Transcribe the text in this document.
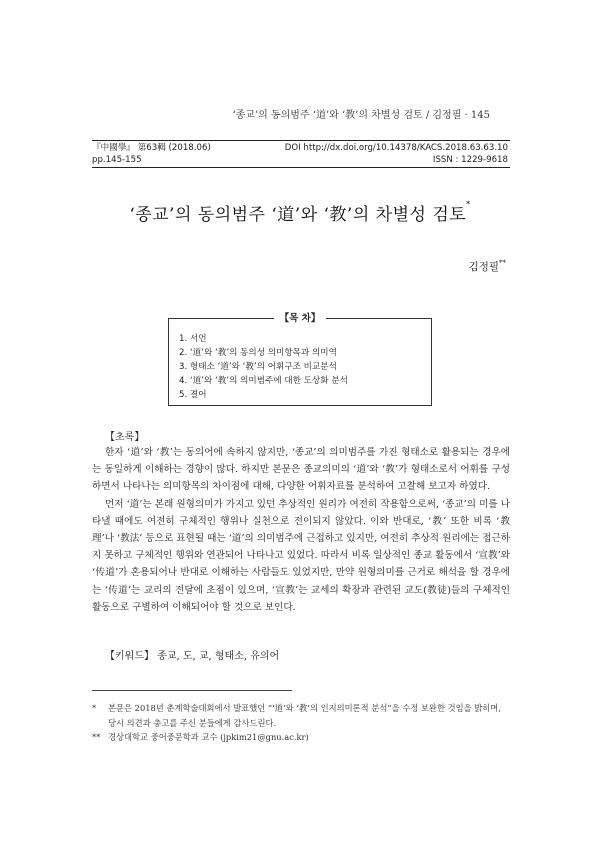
‘종교’의 동의범주 ‘道’와 ‘教’의 차별성 검토 / 김정필 · 145
『中國學』 第63輯 (2018.06)	DOI http://dx.doi.org/10.14378/KACS.2018.63.63.10
pp.145-155	ISSN : 1229-9618
‘종교’의 동의범주 ‘道’와 ‘教’의 차별성 검토*
김정필**
【목 차】
1. 서언
2. ‘道’와 ‘教’의 동의성 의미항목과 의미역
3. 형태소 ‘道’와 ‘教’의 어휘구조 비교분석
4. ‘道’와 ‘教’의 의미범주에 대한 도상화 분석
5. 결어
【초록】

한자 ‘道’와 ‘教’는 동의어에 속하지 않지만, ‘종교’의 의미범주를 가진 형태소로 활용되는 경우에는 동일하게 이해하는 경향이 많다. 하지만 본문은 종교의미의 ‘道’와 ‘教’가 형태소로서 어휘를 구성하면서 나타나는 의미항목의 차이점에 대해, 다양한 어휘자료를 분석하여 고찰해 보고자 하였다.

먼저 ‘道’는 본래 원형의미가 가지고 있던 추상적인 원리가 여전히 작용함으로써, ‘종교’의 미를 나타낼 때에도 여전히 구체적인 행위나 실천으로 전이되지 않았다. 이와 반대로, ‘教’ 또한 비록 ‘教理’나 ‘教法’ 등으로 표현될 때는 ‘道’의 의미범주에 근접하고 있지만, 여전히 추상적 원리에는 접근하지 못하고 구체적인 행위와 연관되어 나타나고 있었다. 따라서 비록 일상적인 종교 활동에서 ‘宣教’와 ‘传道’가 혼용되어나 반대로 이해하는 사람들도 있었지만, 만약 원형의미를 근거로 해석을 할 경우에는 ‘传道’는 교리의 전달에 초점이 있으며, ‘宣教’는 교세의 확장과 관련된 교도(教徒)들의 구체적인 활동으로 구별하여 이해되어야 할 것으로 보인다.

【키워드】 종교, 도, 교, 형태소, 유의어
* 본문은 2018년 춘계학술대회에서 발표했던 “‘道’와 ‘教’의 인지의미론적 분석”을 수정 보완한 것임을 밝히며, 당시 의견과 충고를 주신 분들에게 감사드린다.
** 경상대학교 중어중문학과 교수 (jpkim21@gnu.ac.kr)
